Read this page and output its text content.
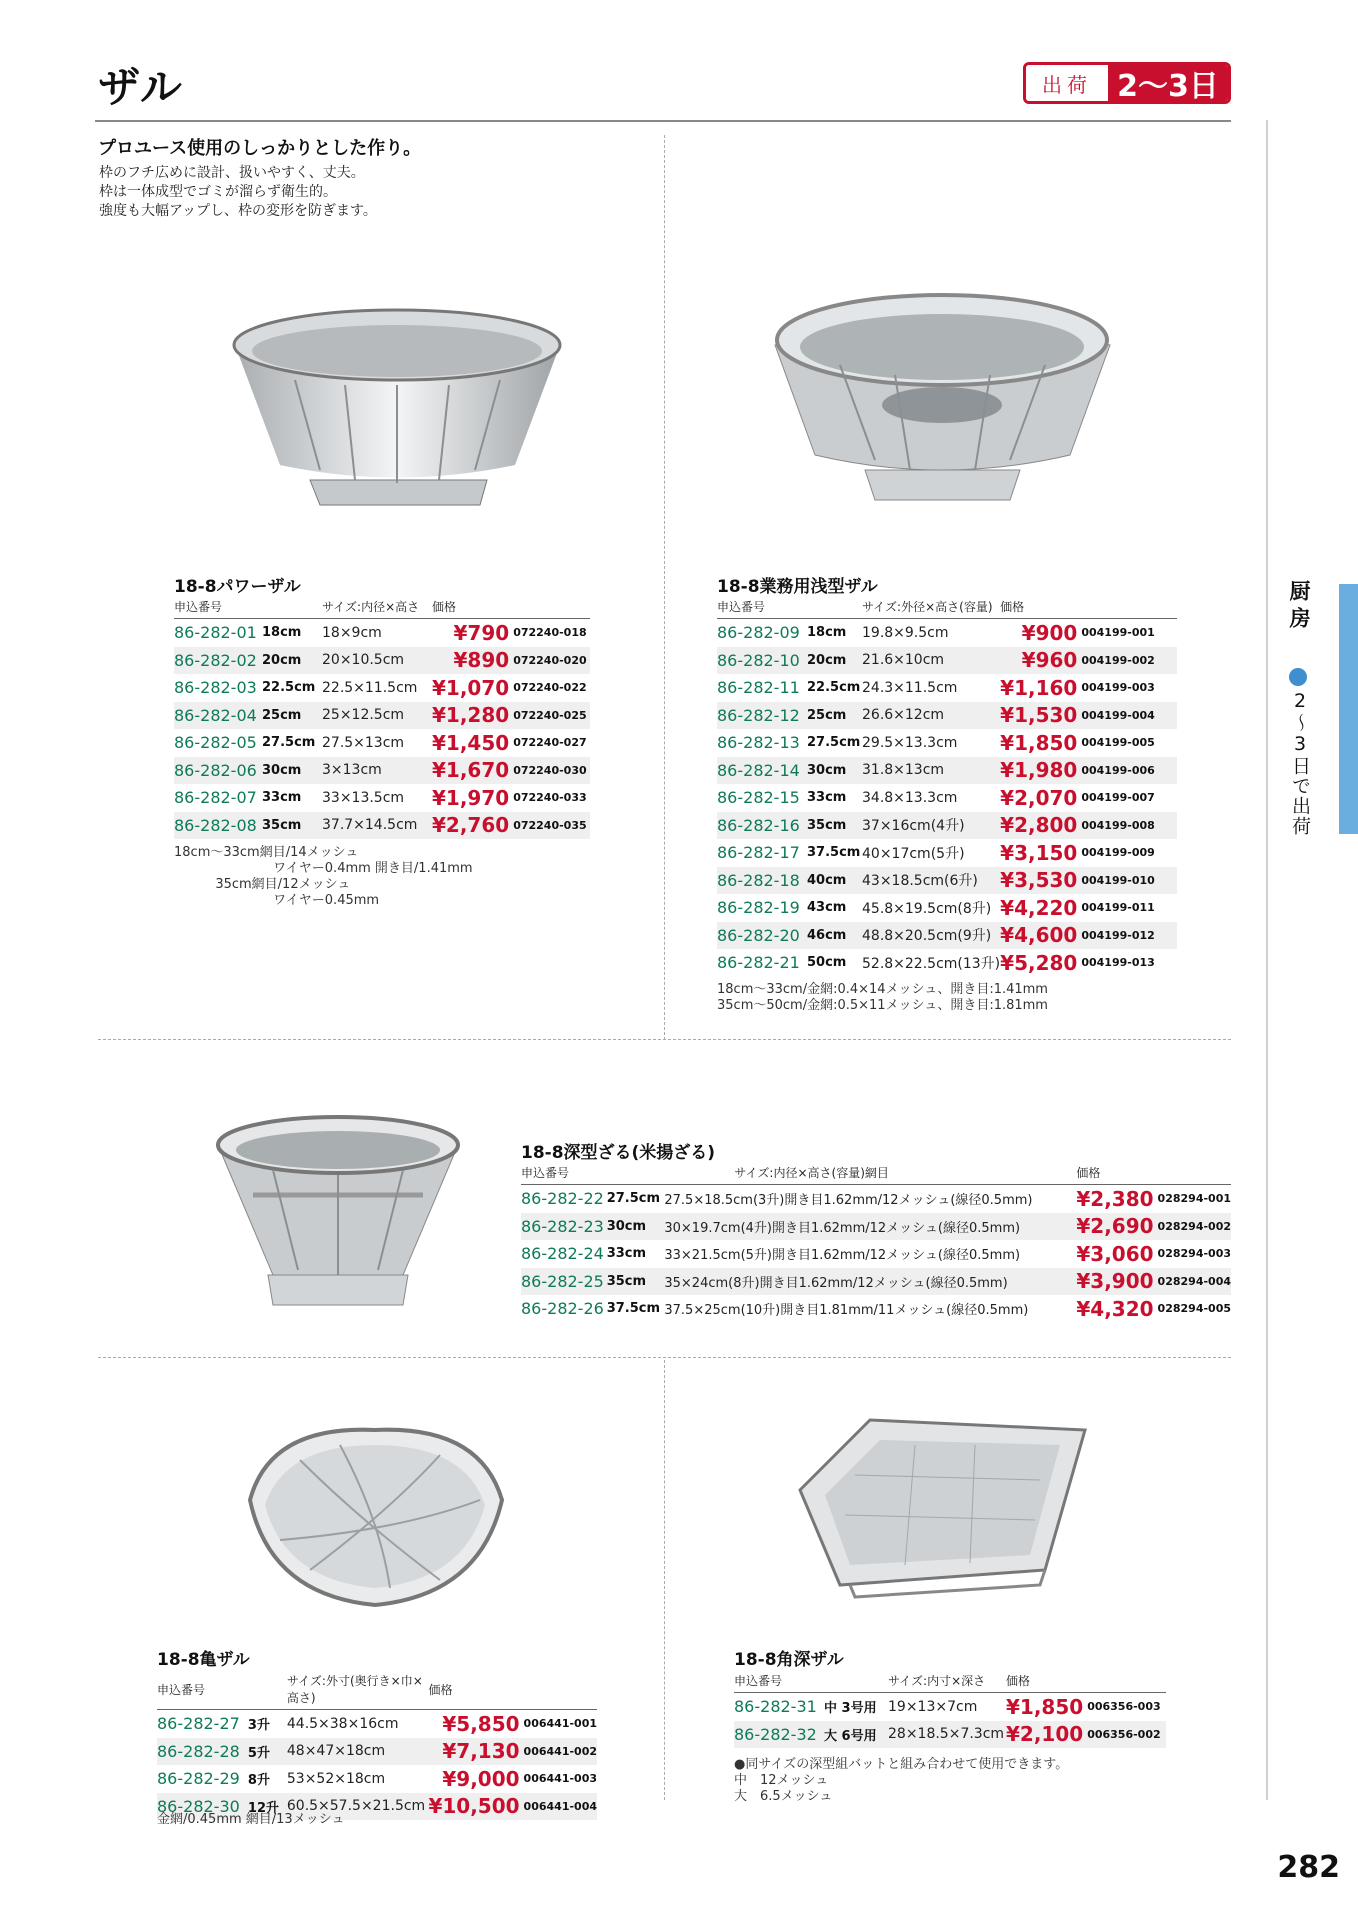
ザル	出荷 2〜3日
プロユース使用のしっかりとした作り。
枠のフチ広めに設計、扱いやすく、丈夫。
枠は一体成型でゴミが溜らず衛生的。
強度も大幅アップし、枠の変形を防ぎます。
18-8パワーザル
申込番号		サイズ:内径×高さ	価格	
86-282-01	18cm	18×9cm	¥790	072240-018
86-282-02	20cm	20×10.5cm	¥890	072240-020
86-282-03	22.5cm	22.5×11.5cm	¥1,070	072240-022
86-282-04	25cm	25×12.5cm	¥1,280	072240-025
86-282-05	27.5cm	27.5×13cm	¥1,450	072240-027
86-282-06	30cm	3×13cm	¥1,670	072240-030
86-282-07	33cm	33×13.5cm	¥1,970	072240-033
86-282-08	35cm	37.7×14.5cm	¥2,760	072240-035
18cm〜33cm網目/14メッシュ
ワイヤー0.4mm 開き目/1.41mm
35cm網目/12メッシュ
ワイヤー0.45mm
18-8業務用浅型ザル
申込番号		サイズ:外径×高さ(容量)	価格	
86-282-09	18cm	19.8×9.5cm	¥900	004199-001
86-282-10	20cm	21.6×10cm	¥960	004199-002
86-282-11	22.5cm	24.3×11.5cm	¥1,160	004199-003
86-282-12	25cm	26.6×12cm	¥1,530	004199-004
86-282-13	27.5cm	29.5×13.3cm	¥1,850	004199-005
86-282-14	30cm	31.8×13cm	¥1,980	004199-006
86-282-15	33cm	34.8×13.3cm	¥2,070	004199-007
86-282-16	35cm	37×16cm(4升)	¥2,800	004199-008
86-282-17	37.5cm	40×17cm(5升)	¥3,150	004199-009
86-282-18	40cm	43×18.5cm(6升)	¥3,530	004199-010
86-282-19	43cm	45.8×19.5cm(8升)	¥4,220	004199-011
86-282-20	46cm	48.8×20.5cm(9升)	¥4,600	004199-012
86-282-21	50cm	52.8×22.5cm(13升)	¥5,280	004199-013
18cm〜33cm/金網:0.4×14メッシュ、開き目:1.41mm
35cm〜50cm/金網:0.5×11メッシュ、開き目:1.81mm
18-8深型ざる(米揚ざる)
申込番号		サイズ:内径×高さ(容量)網目	価格	
86-282-22	27.5cm	27.5×18.5cm(3升)開き目1.62mm/12メッシュ(線径0.5mm)	¥2,380	028294-001
86-282-23	30cm	30×19.7cm(4升)開き目1.62mm/12メッシュ(線径0.5mm)	¥2,690	028294-002
86-282-24	33cm	33×21.5cm(5升)開き目1.62mm/12メッシュ(線径0.5mm)	¥3,060	028294-003
86-282-25	35cm	35×24cm(8升)開き目1.62mm/12メッシュ(線径0.5mm)	¥3,900	028294-004
86-282-26	37.5cm	37.5×25cm(10升)開き目1.81mm/11メッシュ(線径0.5mm)	¥4,320	028294-005
18-8亀ザル
申込番号		サイズ:外寸(奥行き×巾×高さ)	価格	
86-282-27	3升	44.5×38×16cm	¥5,850	006441-001
86-282-28	5升	48×47×18cm	¥7,130	006441-002
86-282-29	8升	53×52×18cm	¥9,000	006441-003
86-282-30	12升	60.5×57.5×21.5cm	¥10,500	006441-004
金網/0.45mm 網目/13メッシュ
18-8角深ザル
申込番号		サイズ:内寸×深さ	価格	
86-282-31	中 3号用	19×13×7cm	¥1,850	006356-003
86-282-32	大 6号用	28×18.5×7.3cm	¥2,100	006356-002
●同サイズの深型組バットと組み合わせて使用できます。
中　12メッシュ
大　6.5メッシュ
厨房
2〜3日で出荷
282
